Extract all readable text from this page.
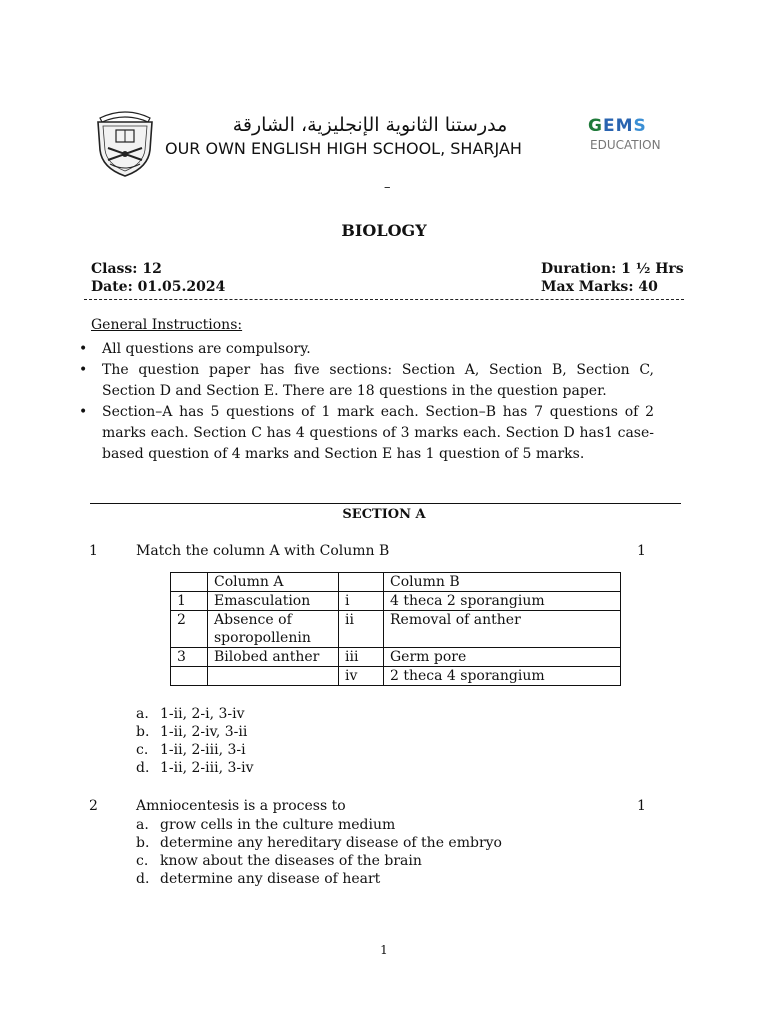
مدرستنا الثانوية الإنجليزية، الشارقة
OUR OWN ENGLISH HIGH SCHOOL, SHARJAH
GEMS
EDUCATION
–
BIOLOGY
Class: 12
Date: 01.05.2024
Duration: 1 ½ Hrs
Max Marks: 40
General Instructions:
• All questions are compulsory.
• The question paper has five sections: Section A, Section B, Section C, Section D and Section E. There are 18 questions in the question paper.
• Section–A has 5 questions of 1 mark each. Section–B has 7 questions of 2 marks each. Section C has 4 questions of 3 marks each. Section D has1 case-based question of 4 marks and Section E has 1 question of 5 marks.
SECTION A
1	Match the column A with Column B	1
	Column A		Column B
1	Emasculation	i	4 theca 2 sporangium
2	Absence of sporopollenin	ii	Removal of anther
3	Bilobed anther	iii	Germ pore
		iv	2 theca 4 sporangium
a. 1-ii, 2-i, 3-iv
b. 1-ii, 2-iv, 3-ii
c. 1-ii, 2-iii, 3-i
d. 1-ii, 2-iii, 3-iv
2	Amniocentesis is a process to	1
a. grow cells in the culture medium
b. determine any hereditary disease of the embryo
c. know about the diseases of the brain
d. determine any disease of heart
1
